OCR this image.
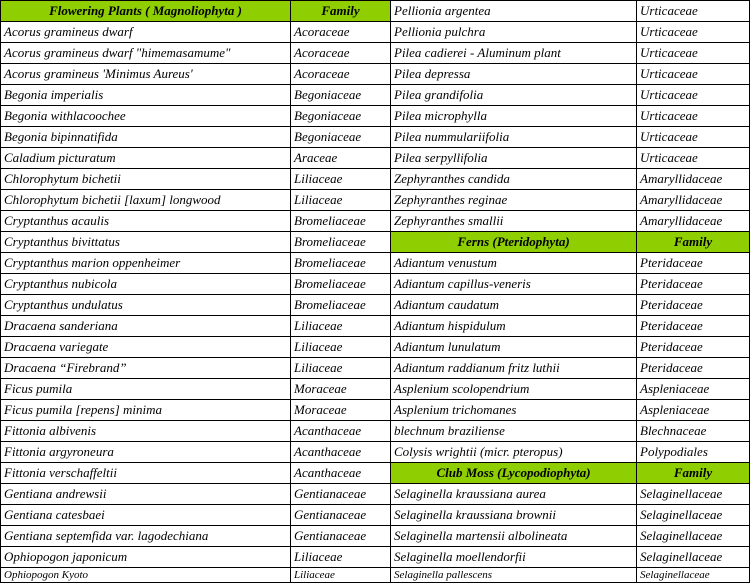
Flowering Plants ( Magnoliophyta )	Family	Pellionia argentea	Urticaceae
Acorus gramineus dwarf	Acoraceae	Pellionia pulchra	Urticaceae
Acorus gramineus dwarf "himemasamume"	Acoraceae	Pilea cadierei - Aluminum plant	Urticaceae
Acorus gramineus 'Minimus Aureus'	Acoraceae	Pilea depressa	Urticaceae
Begonia imperialis	Begoniaceae	Pilea grandifolia	Urticaceae
Begonia withlacoochee	Begoniaceae	Pilea microphylla	Urticaceae
Begonia bipinnatifida	Begoniaceae	Pilea nummulariifolia	Urticaceae
Caladium picturatum	Araceae	Pilea serpyllifolia	Urticaceae
Chlorophytum bichetii	Liliaceae	Zephyranthes candida	Amaryllidaceae
Chlorophytum bichetii [laxum] longwood	Liliaceae	Zephyranthes reginae	Amaryllidaceae
Cryptanthus acaulis	Bromeliaceae	Zephyranthes smallii	Amaryllidaceae
Cryptanthus bivittatus	Bromeliaceae	Ferns (Pteridophyta)	Family
Cryptanthus marion oppenheimer	Bromeliaceae	Adiantum venustum	Pteridaceae
Cryptanthus nubicola	Bromeliaceae	Adiantum capillus-veneris	Pteridaceae
Cryptanthus undulatus	Bromeliaceae	Adiantum caudatum	Pteridaceae
Dracaena sanderiana	Liliaceae	Adiantum hispidulum	Pteridaceae
Dracaena variegate	Liliaceae	Adiantum lunulatum	Pteridaceae
Dracaena “Firebrand”	Liliaceae	Adiantum raddianum fritz luthii	Pteridaceae
Ficus pumila	Moraceae	Asplenium scolopendrium	Aspleniaceae
Ficus pumila [repens] minima	Moraceae	Asplenium trichomanes	Aspleniaceae
Fittonia albivenis	Acanthaceae	blechnum braziliense	Blechnaceae
Fittonia argyroneura	Acanthaceae	Colysis wrightii (micr. pteropus)	Polypodiales
Fittonia verschaffeltii	Acanthaceae	Club Moss (Lycopodiophyta)	Family
Gentiana andrewsii	Gentianaceae	Selaginella kraussiana aurea	Selaginellaceae
Gentiana catesbaei	Gentianaceae	Selaginella kraussiana brownii	Selaginellaceae
Gentiana septemfida var. lagodechiana	Gentianaceae	Selaginella martensii albolineata	Selaginellaceae
Ophiopogon japonicum	Liliaceae	Selaginella moellendorfii	Selaginellaceae
Ophiopogon Kyoto	Liliaceae	Selaginella pallescens	Selaginellaceae
